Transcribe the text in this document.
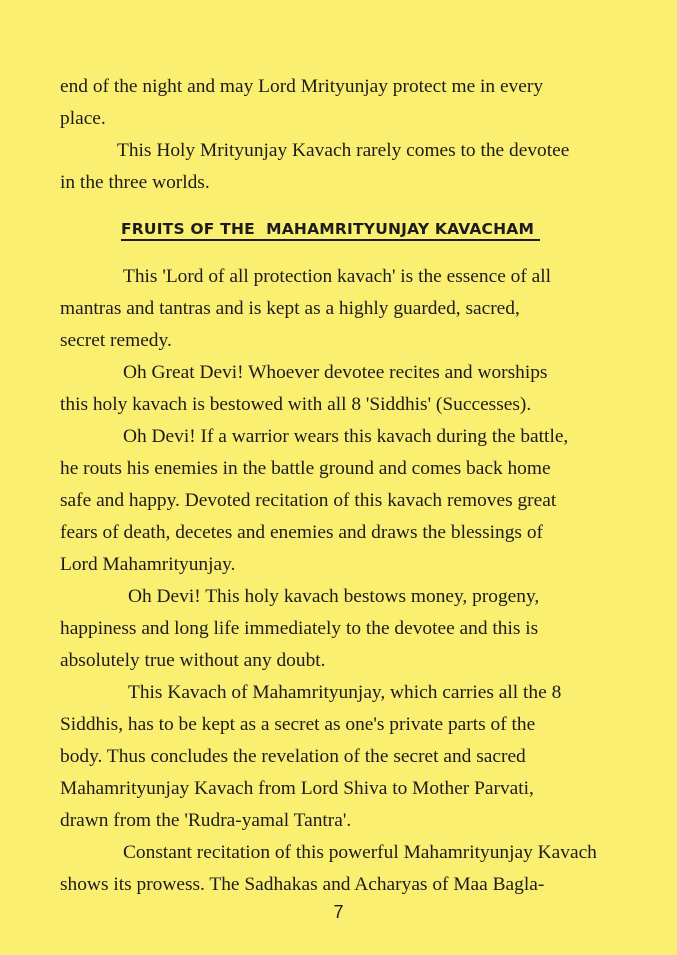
end of the night and may Lord Mrityunjay protect me in every
place.
This Holy Mrityunjay Kavach rarely comes to the devotee
in the three worlds.
FRUITS OF THE  MAHAMRITYUNJAY KAVACHAM
This 'Lord of all protection kavach' is the essence of all
mantras and tantras and is kept as a highly guarded, sacred,
secret remedy.
Oh Great Devi! Whoever devotee recites and worships
this holy kavach is bestowed with all 8 'Siddhis' (Successes).
Oh Devi! If a warrior wears this kavach during the battle,
he routs his enemies in the battle ground and comes back home
safe and happy. Devoted recitation of this kavach removes great
fears of death, decetes and enemies and draws the blessings of
Lord Mahamrityunjay.
Oh Devi! This holy kavach bestows money, progeny,
happiness and long life immediately to the devotee and this is
absolutely true without any doubt.
This Kavach of Mahamrityunjay, which carries all the 8
Siddhis, has to be kept as a secret as one's private parts of the
body. Thus concludes the revelation of the secret and sacred
Mahamrityunjay Kavach from Lord Shiva to Mother Parvati,
drawn from the 'Rudra-yamal Tantra'.
Constant recitation of this powerful Mahamrityunjay Kavach
shows its prowess. The Sadhakas and Acharyas of Maa Bagla-
7
